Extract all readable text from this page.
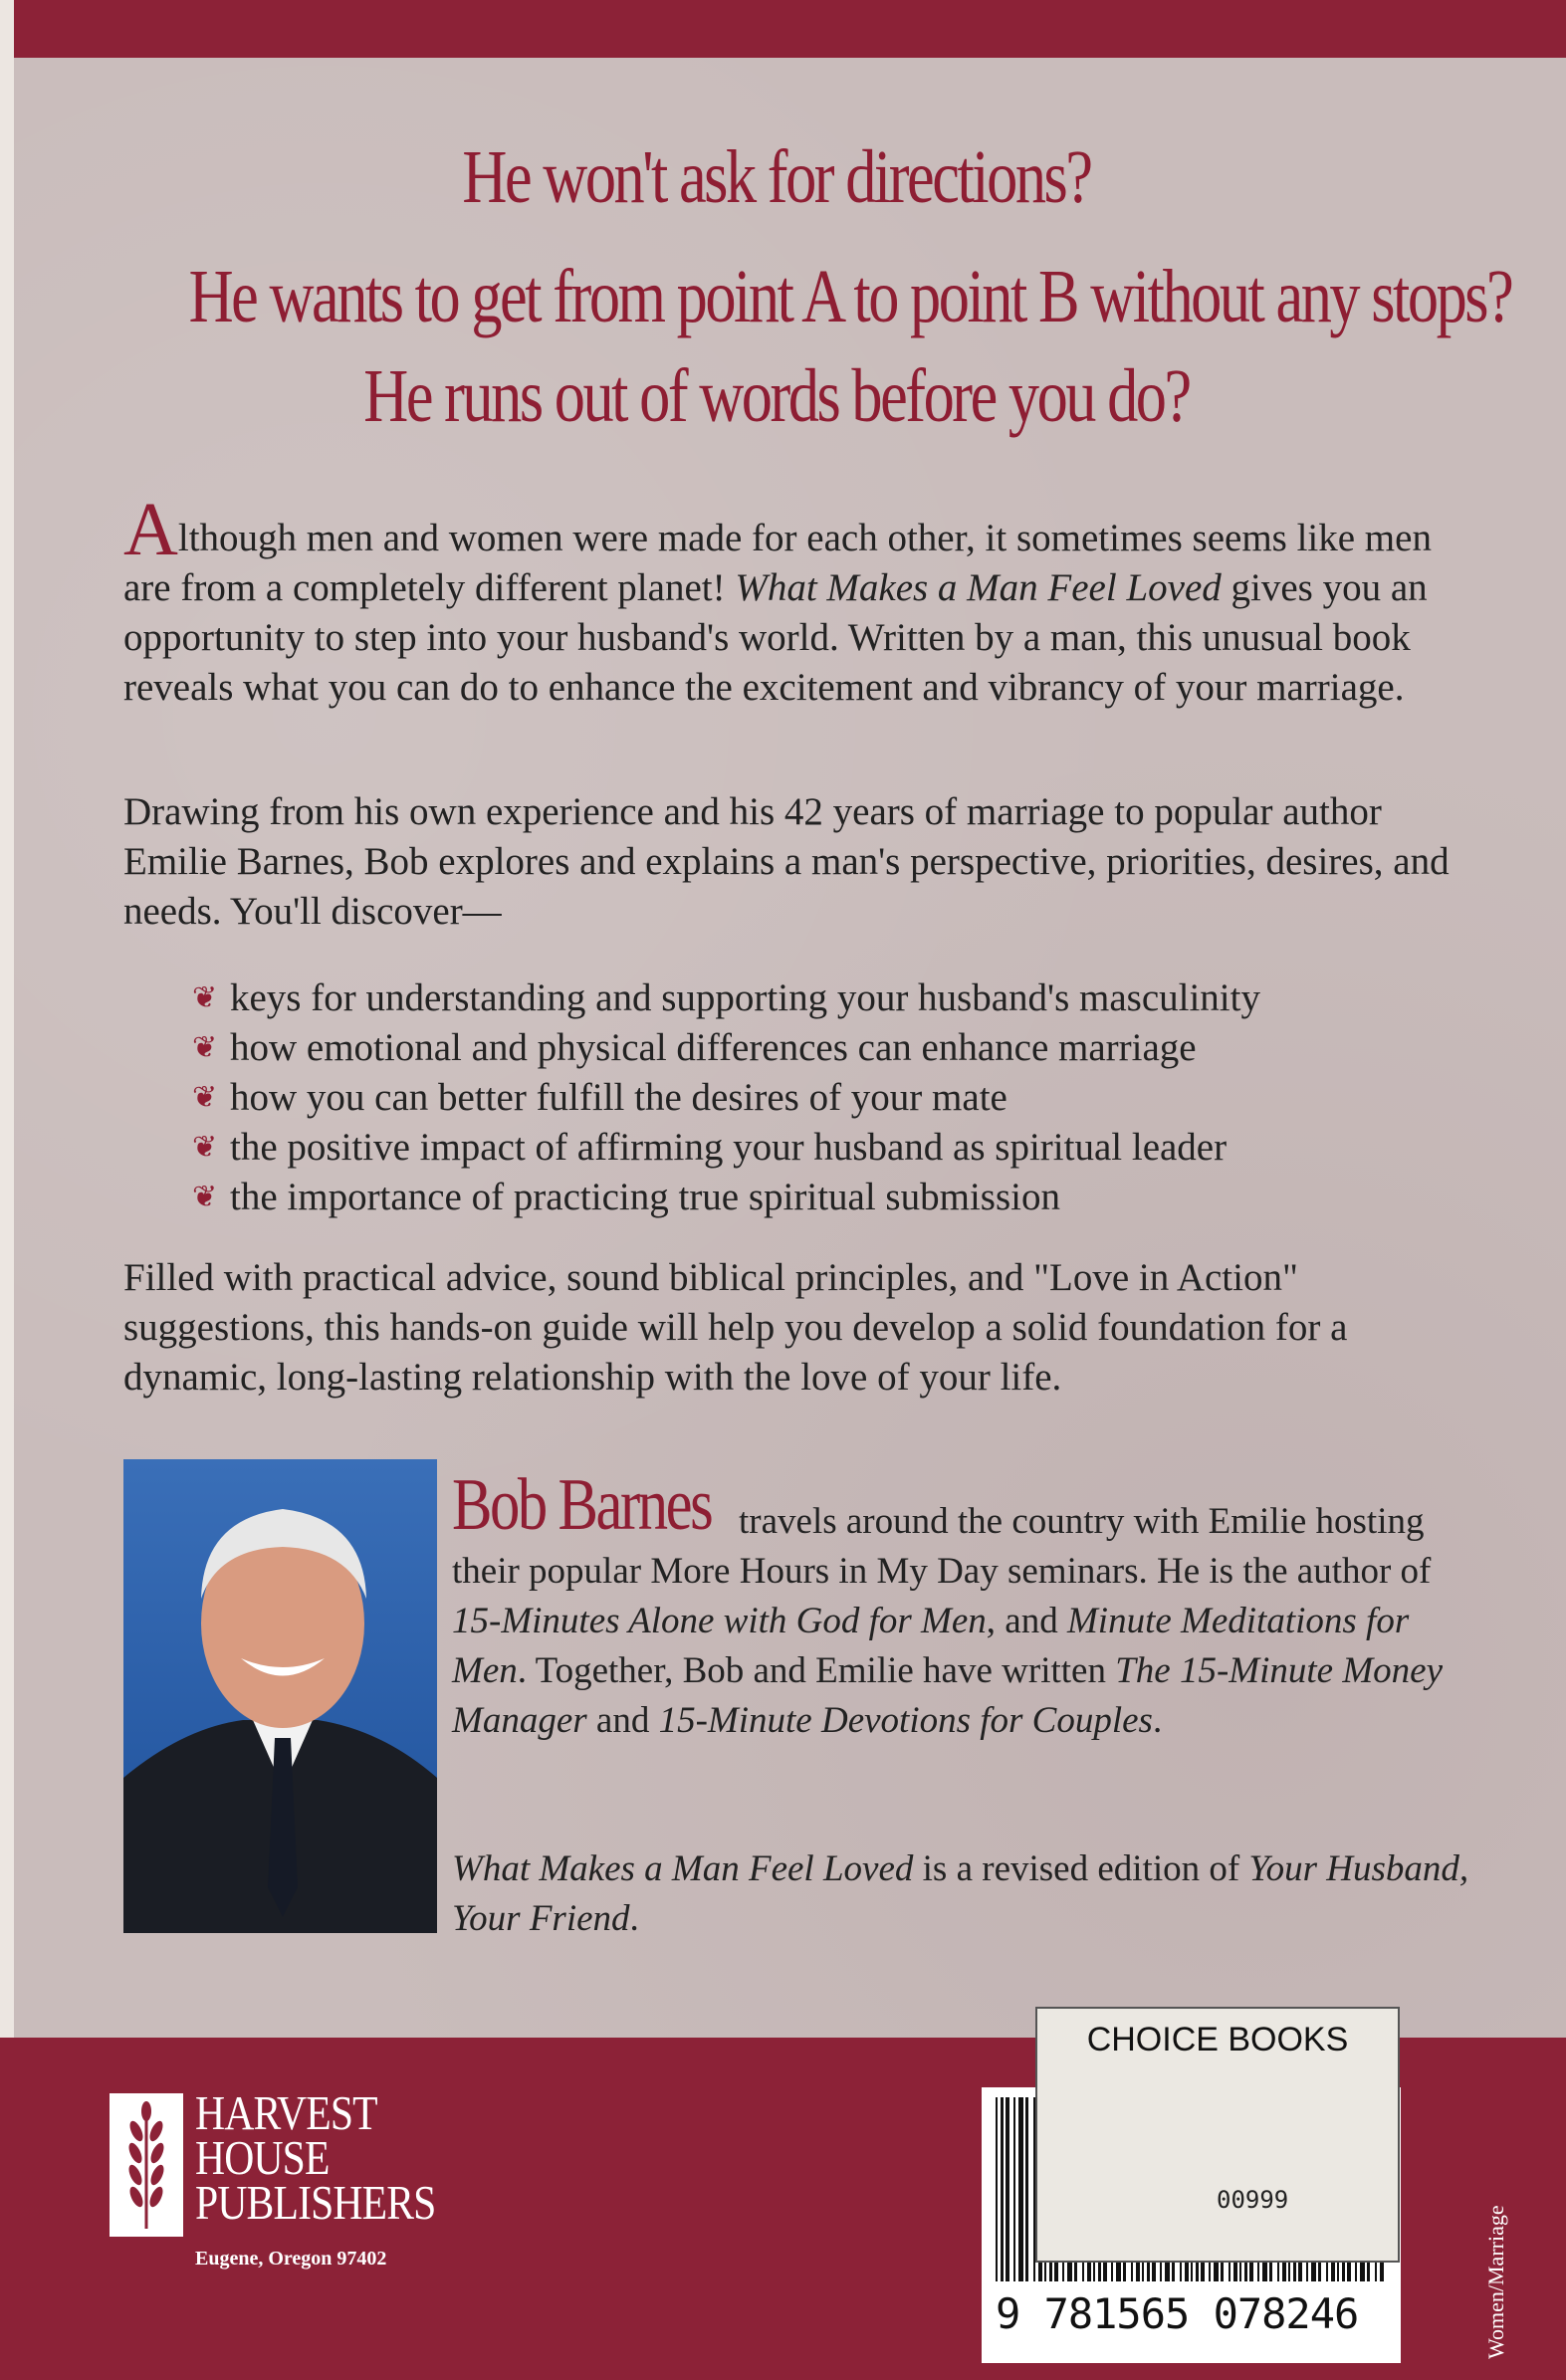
He won't ask for directions?
He wants to get from point A to point B without any stops?
He runs out of words before you do?

Although men and women were made for each other, it sometimes seems like men are from a completely different planet! What Makes a Man Feel Loved gives you an opportunity to step into your husband's world. Written by a man, this unusual book reveals what you can do to enhance the excitement and vibrancy of your marriage.

Drawing from his own experience and his 42 years of marriage to popular author Emilie Barnes, Bob explores and explains a man's perspective, priorities, desires, and needs. You'll discover—

❦ keys for understanding and supporting your husband's masculinity
❦ how emotional and physical differences can enhance marriage
❦ how you can better fulfill the desires of your mate
❦ the positive impact of affirming your husband as spiritual leader
❦ the importance of practicing true spiritual submission

Filled with practical advice, sound biblical principles, and "Love in Action" suggestions, this hands-on guide will help you develop a solid foundation for a dynamic, long-lasting relationship with the love of your life.

Bob Barnes travels around the country with Emilie hosting their popular More Hours in My Day seminars. He is the author of 15-Minutes Alone with God for Men, and Minute Meditations for Men. Together, Bob and Emilie have written The 15-Minute Money Manager and 15-Minute Devotions for Couples.

What Makes a Man Feel Loved is a revised edition of Your Husband, Your Friend.

HARVEST
HOUSE
PUBLISHERS
Eugene, Oregon 97402
CHOICE BOOKS
00999
9 781565 078246	Women/Marriage
